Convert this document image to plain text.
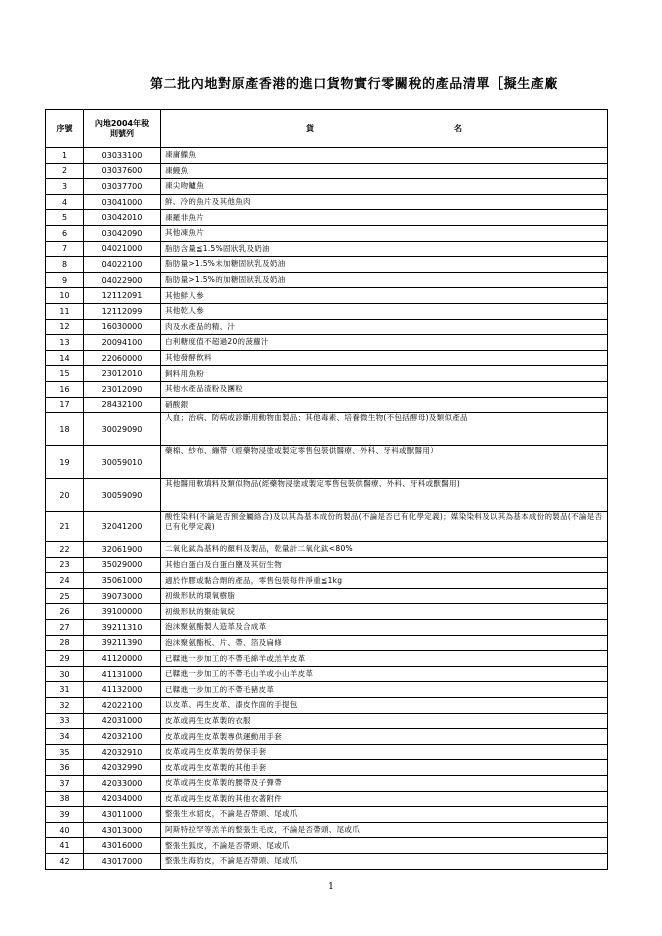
第二批內地對原產香港的進口貨物實行零關稅的產品清單［擬生產廠
序號	內地2004年稅則號列	貨 名
1	03033100	凍庸鰈魚
2	03037600	凍鰻魚
3	03037700	凍尖吻鱸魚
4	03041000	鮮、冷的魚片及其他魚肉
5	03042010	凍羅非魚片
6	03042090	其他凍魚片
7	04021000	脂肪含量≦1.5%固狀乳及奶油
8	04022100	脂肪量>1.5%未加糖固狀乳及奶油
9	04022900	脂肪量>1.5%的加糖固狀乳及奶油
10	12112091	其他鮮人參
11	12112099	其他乾人參
12	16030000	肉及水產品的精、汁
13	20094100	白利糖度值不超過20的菠蘿汁
14	22060000	其他發酵飲料
15	23012010	飼料用魚粉
16	23012090	其他水產品渣粉及團粒
17	28432100	硝酸銀
18	30029090	人血；治病、防病或診斷用動物血製品；其他毒素、培養微生物(不包括酵母)及類似產品
19	30059010	藥棉、紗布、繃帶（經藥物浸塗或製定零售包裝供醫療、外科、牙科或獸醫用）
20	30059090	其他醫用軟填料及類似物品(經藥物浸塗或製定零售包裝供醫療、外科、牙科或獸醫用)
21	32041200	酸性染料(不論是否預金屬絡合)及以其為基本成份的製品(不論是否已有化學定義)；媒染染料及以其為基本成份的製品(不論是否已有化學定義)
22	32061900	二氧化鈦為基料的顏料及製品，乾量計二氧化鈦<80%
23	35029000	其他白蛋白及白蛋白鹽及其衍生物
24	35061000	適於作膠或黏合劑的產品，零售包裝每件淨重≦1kg
25	39073000	初級形狀的環氧樹脂
26	39100000	初級形狀的聚硅氧烷
27	39211310	泡沫聚氨酯製人造革及合成革
28	39211390	泡沫聚氨酯板、片、帶、箔及扁條
29	41120000	已鞣進一步加工的不帶毛綿羊或羔羊皮革
30	41131000	已鞣進一步加工的不帶毛山羊或小山羊皮革
31	41132000	已鞣進一步加工的不帶毛豬皮革
32	42022100	以皮革、再生皮革、漆皮作面的手提包
33	42031000	皮革或再生皮革製的衣服
34	42032100	皮革或再生皮革製專供運動用手套
35	42032910	皮革或再生皮革製的勞保手套
36	42032990	皮革或再生皮革製的其他手套
37	42033000	皮革或再生皮革製的腰帶及子彈帶
38	42034000	皮革或再生皮革製的其他衣著附件
39	43011000	整張生水貂皮，不論是否帶頭、尾或爪
40	43013000	阿斯特拉罕等羔羊的整張生毛皮，不論是否帶頭、尾或爪
41	43016000	整張生狐皮，不論是否帶頭、尾或爪
42	43017000	整張生海豹皮，不論是否帶頭、尾或爪
1
